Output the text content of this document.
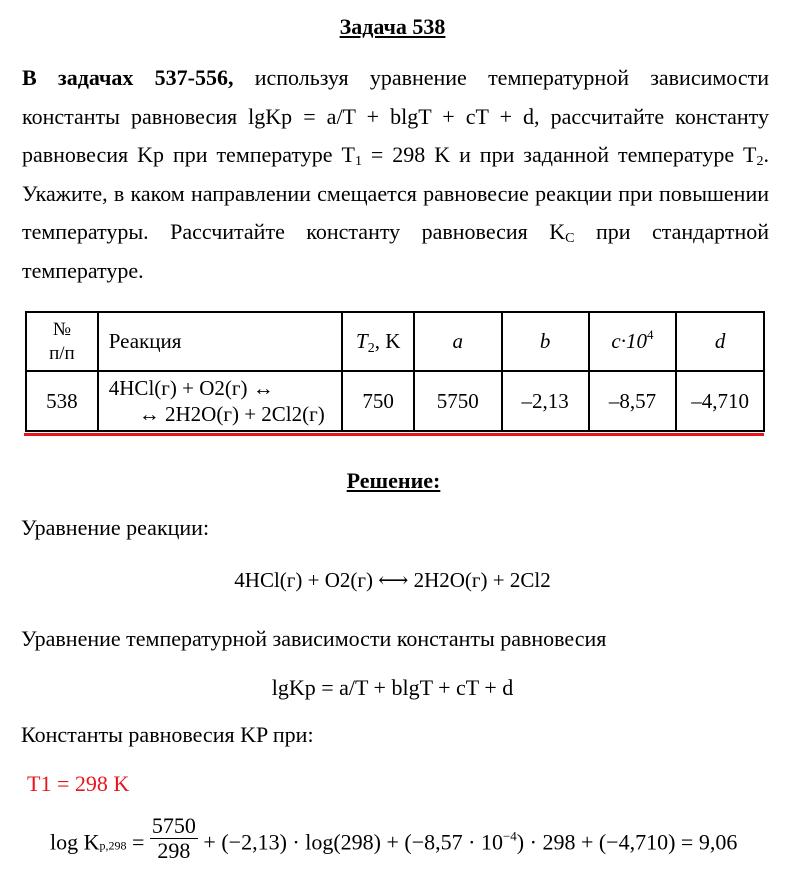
Задача 538
В задачах 537-556, используя уравнение температурной зависимости константы равновесия lgKp = a/T + blgT + cT + d, рассчитайте константу равновесия Kp при температуре $T_1 = 298$ K и при заданной температуре $T_2$. Укажите, в каком направлении смещается равновесие реакции при повышении температуры. Рассчитайте константу равновесия $K_C$ при стандартной температуре.
№
п/п	Реакция	T2, K	a	b	$c\cdot 10^4$	d
538	4HCl(г) + O2(г) ↔
↔ 2H2O(г) + 2Cl2(г)	750	5750	–2,13	–8,57	–4,710
Решение:
Уравнение реакции:
4HCl(г) + O2(г) ⟷ 2H2O(г) + 2Cl2
Уравнение температурной зависимости константы равновесия
lgKp = a/T + blgT + cT + d
Константы равновесия KP при:
T1 = 298 K
$\log Kp,298 = \frac{5750}{298} + (-2,13) \cdot \log(298) + (-8,57 \cdot 10^{-4}) \cdot 298 + (-4,710) = 9,06$
